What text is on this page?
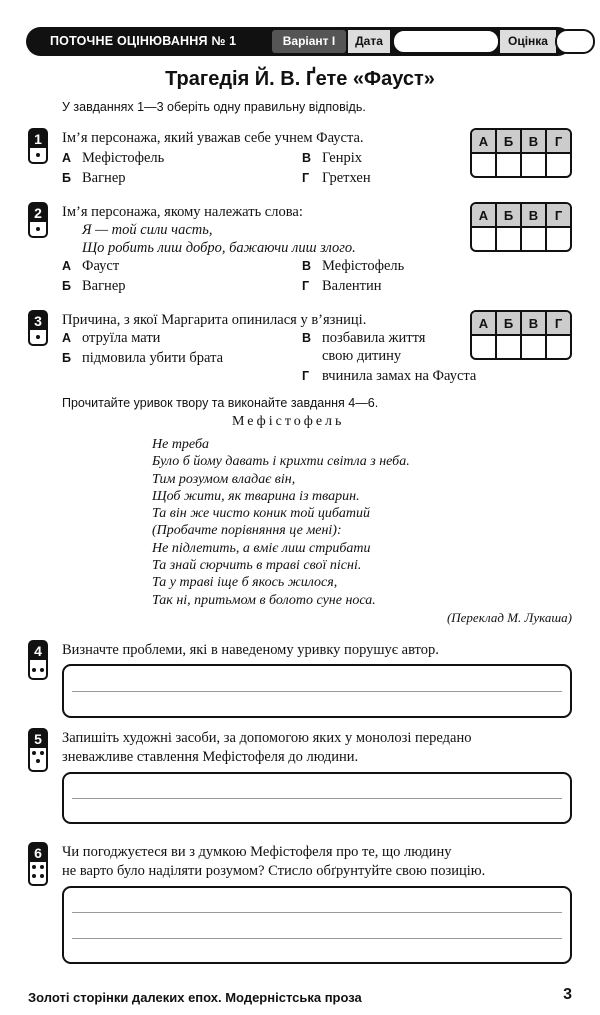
ПОТОЧНЕ ОЦІНЮВАННЯ № 1	Варіант I	Дата	Оцінка
Трагедія Й. В. Ґете «Фауст»
У завданнях 1—3 оберіть одну правильну відповідь.
1 Ім’я персонажа, який уважав себе учнем Фауста.
А Мефістофель	В Генріх
Б Вагнер	Г Гретхен
А	Б	В	Г
2 Ім’я персонажа, якому належать слова:
Я — той сили часть,
Що робить лиш добро, бажаючи лиш злого.
А Фауст	В Мефістофель
Б Вагнер	Г Валентин
А	Б	В	Г
3 Причина, з якої Маргарита опинилася у в’язниці.
А отруїла мати	В позбавила життя
свою дитину
Б підмовила убити брата
Г вчинила замах на Фауста
А	Б	В	Г
Прочитайте уривок твору та виконайте завдання 4—6.
Мефістофель
Не треба
Було б йому давать і крихти світла з неба.
Тим розумом владає він,
Щоб жити, як тварина із тварин.
Та він же чисто коник той цибатий
(Пробачте порівняння це мені):
Не підлетить, а вміє лиш стрибати
Та знай сюрчить в траві свої пісні.
Та у траві іще б якось жилося,
Так ні, притьмом в болото суне носа.
(Переклад М. Лукаша)
4 Визначте проблеми, які в наведеному уривку порушує автор.
5 Запишіть художні засоби, за допомогою яких у монолозі передано
зневажливе ставлення Мефістофеля до людини.
6 Чи погоджуєтеся ви з думкою Мефістофеля про те, що людину
не варто було наділяти розумом? Стисло обґрунтуйте свою позицію.
Золоті сторінки далеких епох. Модерністська проза	3
